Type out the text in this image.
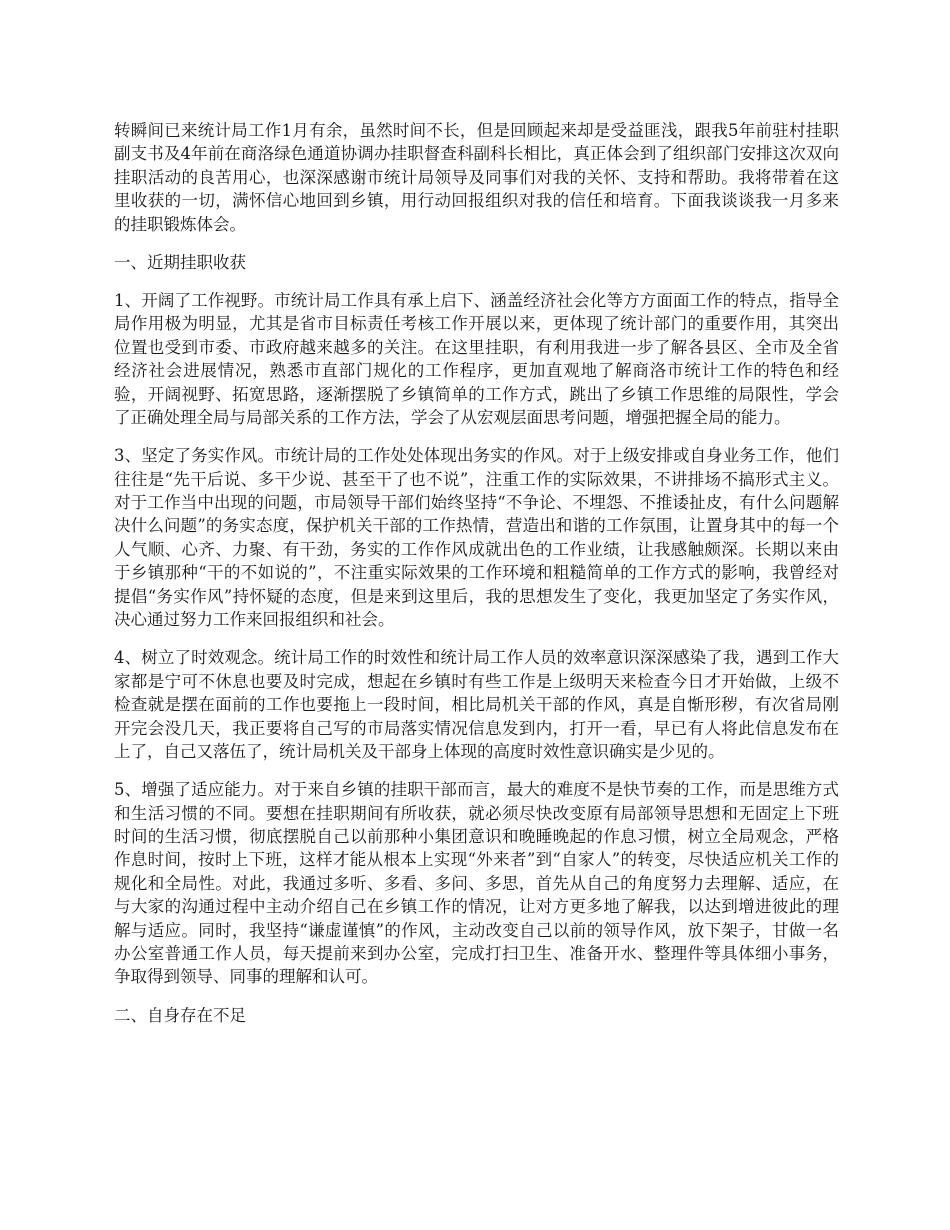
转瞬间已来统计局工作1月有余，虽然时间不长，但是回顾起来却是受益匪浅，跟我5年前驻村挂职副支书及4年前在商洛绿色通道协调办挂职督查科副科长相比，真正体会到了组织部门安排这次双向挂职活动的良苦用心，也深深感谢市统计局领导及同事们对我的关怀、支持和帮助。我将带着在这里收获的一切，满怀信心地回到乡镇，用行动回报组织对我的信任和培育。下面我谈谈我一月多来的挂职锻炼体会。

一、近期挂职收获

1、开阔了工作视野。市统计局工作具有承上启下、涵盖经济社会化等方方面面工作的特点，指导全局作用极为明显，尤其是省市目标责任考核工作开展以来，更体现了统计部门的重要作用，其突出位置也受到市委、市政府越来越多的关注。在这里挂职，有利用我进一步了解各县区、全市及全省经济社会进展情况，熟悉市直部门规化的工作程序，更加直观地了解商洛市统计工作的特色和经验，开阔视野、拓宽思路，逐渐摆脱了乡镇简单的工作方式，跳出了乡镇工作思维的局限性，学会了正确处理全局与局部关系的工作方法，学会了从宏观层面思考问题，增强把握全局的能力。

3、坚定了务实作风。市统计局的工作处处体现出务实的作风。对于上级安排或自身业务工作，他们往往是“先干后说、多干少说、甚至干了也不说”，注重工作的实际效果，不讲排场不搞形式主义。对于工作当中出现的问题，市局领导干部们始终坚持“不争论、不埋怨、不推诿扯皮，有什么问题解决什么问题”的务实态度，保护机关干部的工作热情，营造出和谐的工作氛围，让置身其中的每一个人气顺、心齐、力聚、有干劲，务实的工作作风成就出色的工作业绩，让我感触颇深。长期以来由于乡镇那种“干的不如说的”，不注重实际效果的工作环境和粗糙简单的工作方式的影响，我曾经对提倡“务实作风”持怀疑的态度，但是来到这里后，我的思想发生了变化，我更加坚定了务实作风，决心通过努力工作来回报组织和社会。

4、树立了时效观念。统计局工作的时效性和统计局工作人员的效率意识深深感染了我，遇到工作大家都是宁可不休息也要及时完成，想起在乡镇时有些工作是上级明天来检查今日才开始做，上级不检查就是摆在面前的工作也要拖上一段时间，相比局机关干部的作风，真是自惭形秽，有次省局刚开完会没几天，我正要将自己写的市局落实情况信息发到内，打开一看，早已有人将此信息发布在上了，自己又落伍了，统计局机关及干部身上体现的高度时效性意识确实是少见的。

5、增强了适应能力。对于来自乡镇的挂职干部而言，最大的难度不是快节奏的工作，而是思维方式和生活习惯的不同。要想在挂职期间有所收获，就必须尽快改变原有局部领导思想和无固定上下班时间的生活习惯，彻底摆脱自己以前那种小集团意识和晚睡晚起的作息习惯，树立全局观念，严格作息时间，按时上下班，这样才能从根本上实现“外来者”到“自家人”的转变，尽快适应机关工作的规化和全局性。对此，我通过多听、多看、多问、多思，首先从自己的角度努力去理解、适应，在与大家的沟通过程中主动介绍自己在乡镇工作的情况，让对方更多地了解我，以达到增进彼此的理解与适应。同时，我坚持“谦虚谨慎”的作风，主动改变自己以前的领导作风，放下架子，甘做一名办公室普通工作人员，每天提前来到办公室，完成打扫卫生、准备开水、整理件等具体细小事务，争取得到领导、同事的理解和认可。

二、自身存在不足
